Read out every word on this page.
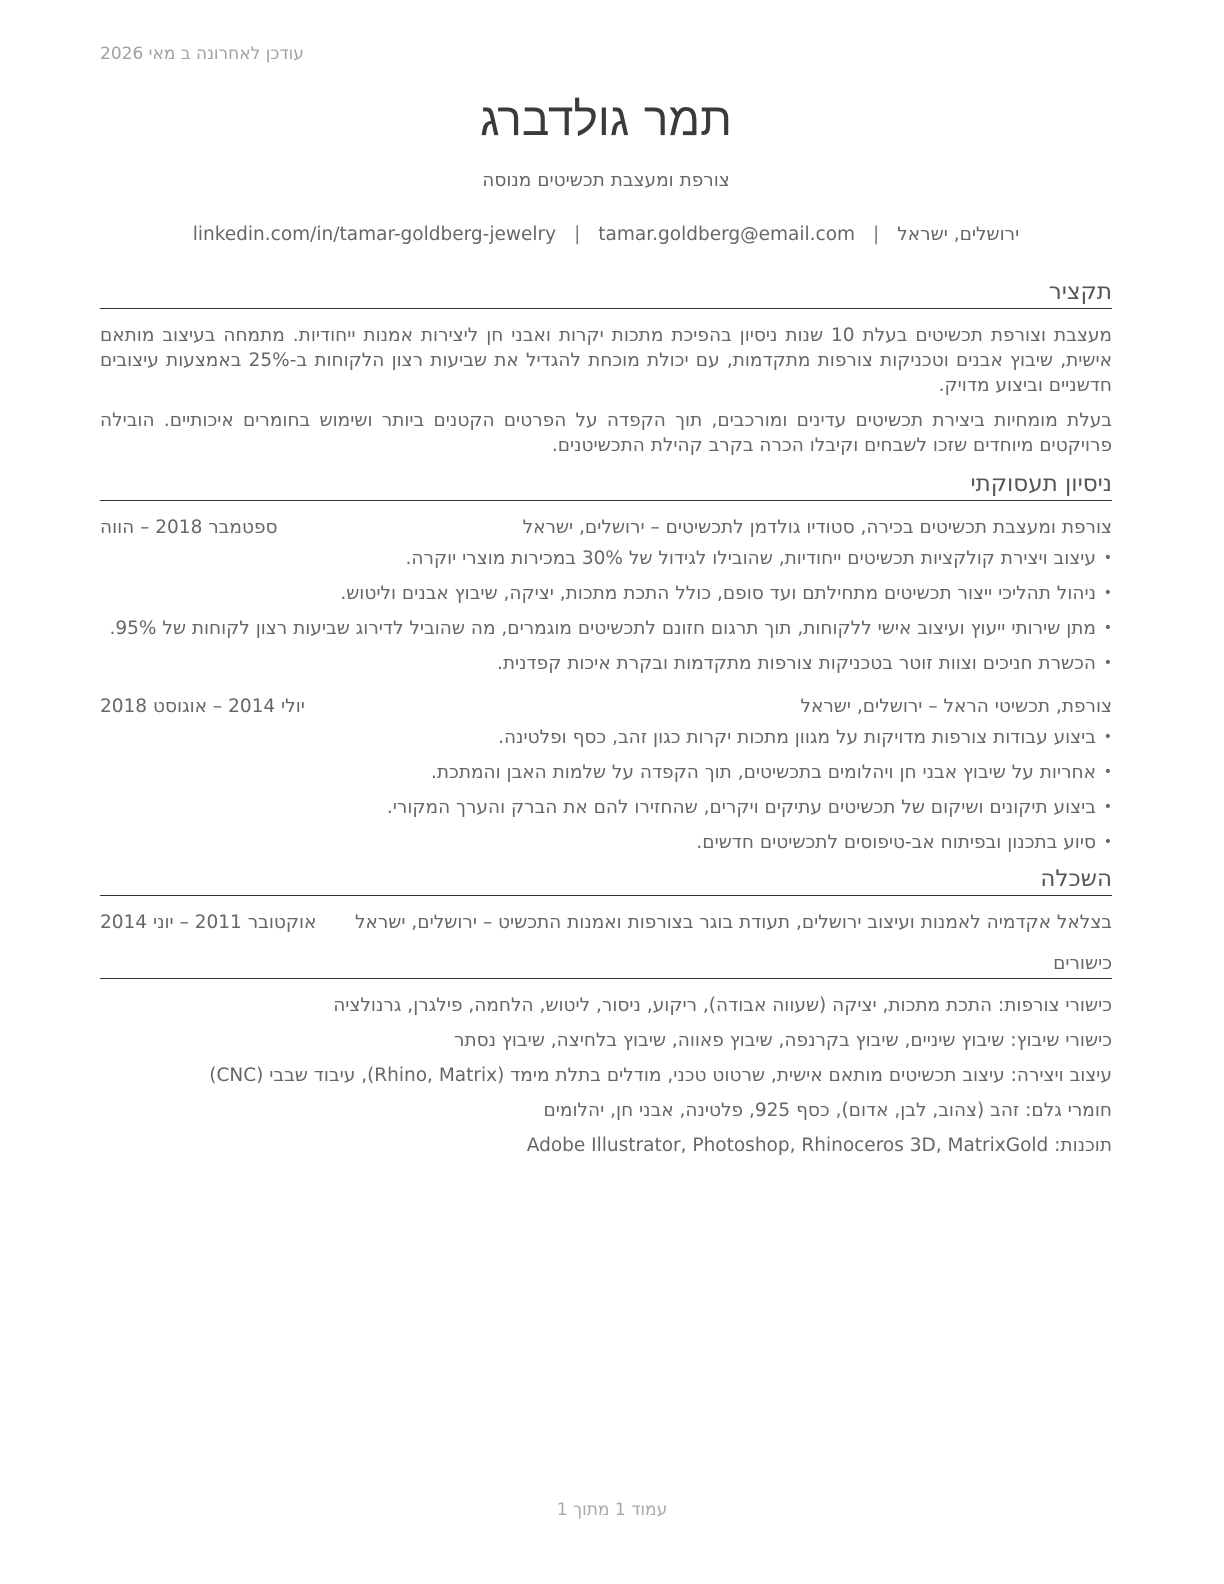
עודכן לאחרונה ב מאי 2026
תמר גולדברג
צורפת ומעצבת תכשיטים מנוסה
ירושלים, ישראל
|
tamar.goldberg@email.com
|
linkedin.com/in/tamar-goldberg-jewelry
תקציר

מעצבת וצורפת תכשיטים בעלת 10 שנות ניסיון בהפיכת מתכות יקרות ואבני חן ליצירות אמנות ייחודיות. מתמחה בעיצוב מותאם אישית, שיבוץ אבנים וטכניקות צורפות מתקדמות, עם יכולת מוכחת להגדיל את שביעות רצון הלקוחות ב-25% באמצעות עיצובים חדשניים וביצוע מדויק.

בעלת מומחיות ביצירת תכשיטים עדינים ומורכבים, תוך הקפדה על הפרטים הקטנים ביותר ושימוש בחומרים איכותיים. הובילה פרויקטים מיוחדים שזכו לשבחים וקיבלו הכרה בקרב קהילת התכשיטנים.

ניסיון תעסוקתי
צורפת ומעצבת תכשיטים בכירה, סטודיו גולדמן לתכשיטים – ירושלים, ישראל
ספטמבר 2018 – הווה
• עיצוב ויצירת קולקציות תכשיטים ייחודיות, שהובילו לגידול של 30% במכירות מוצרי יוקרה.
• ניהול תהליכי ייצור תכשיטים מתחילתם ועד סופם, כולל התכת מתכות, יציקה, שיבוץ אבנים וליטוש.
• מתן שירותי ייעוץ ועיצוב אישי ללקוחות, תוך תרגום חזונם לתכשיטים מוגמרים, מה שהוביל לדירוג שביעות רצון לקוחות של 95%.
• הכשרת חניכים וצוות זוטר בטכניקות צורפות מתקדמות ובקרת איכות קפדנית.
צורפת, תכשיטי הראל – ירושלים, ישראל
יולי 2014 – אוגוסט 2018
• ביצוע עבודות צורפות מדויקות על מגוון מתכות יקרות כגון זהב, כסף ופלטינה.
• אחריות על שיבוץ אבני חן ויהלומים בתכשיטים, תוך הקפדה על שלמות האבן והמתכת.
• ביצוע תיקונים ושיקום של תכשיטים עתיקים ויקרים, שהחזירו להם את הברק והערך המקורי.
• סיוע בתכנון ובפיתוח אב-טיפוסים לתכשיטים חדשים.
השכלה
בצלאל אקדמיה לאמנות ועיצוב ירושלים, תעודת בוגר בצורפות ואמנות התכשיט – ירושלים, ישראל
אוקטובר 2011 – יוני 2014
כישורים
כישורי צורפות: התכת מתכות, יציקה (שעווה אבודה), ריקוע, ניסור, ליטוש, הלחמה, פילגרן, גרנולציה
כישורי שיבוץ: שיבוץ שיניים, שיבוץ בקרנפה, שיבוץ פאווה, שיבוץ בלחיצה, שיבוץ נסתר
עיצוב ויצירה: עיצוב תכשיטים מותאם אישית, שרטוט טכני, מודלים בתלת מימד (Rhino, Matrix), עיבוד שבבי (CNC)
חומרי גלם: זהב (צהוב, לבן, אדום), כסף 925, פלטינה, אבני חן, יהלומים
תוכנות: Adobe Illustrator, Photoshop, Rhinoceros 3D, MatrixGold
עמוד 1 מתוך 1
